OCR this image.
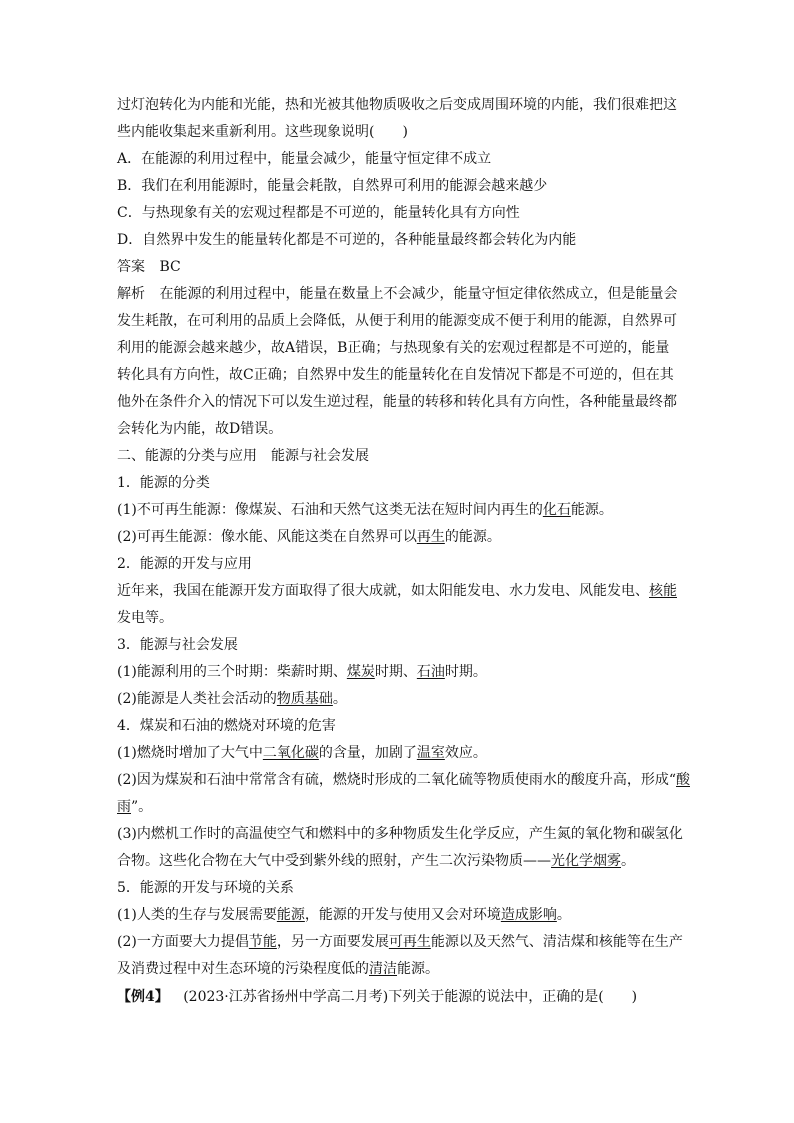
过灯泡转化为内能和光能，热和光被其他物质吸收之后变成周围环境的内能，我们很难把这
些内能收集起来重新利用。这些现象说明(　　)
A．在能源的利用过程中，能量会减少，能量守恒定律不成立
B．我们在利用能源时，能量会耗散，自然界可利用的能源会越来越少
C．与热现象有关的宏观过程都是不可逆的，能量转化具有方向性
D．自然界中发生的能量转化都是不可逆的，各种能量最终都会转化为内能
答案 BC
解析 在能源的利用过程中，能量在数量上不会减少，能量守恒定律依然成立，但是能量会
发生耗散，在可利用的品质上会降低，从便于利用的能源变成不便于利用的能源，自然界可
利用的能源会越来越少，故A错误，B正确；与热现象有关的宏观过程都是不可逆的，能量
转化具有方向性，故C正确；自然界中发生的能量转化在自发情况下都是不可逆的，但在其
他外在条件介入的情况下可以发生逆过程，能量的转移和转化具有方向性，各种能量最终都
会转化为内能，故D错误。
二、能源的分类与应用　能源与社会发展
1．能源的分类
(1)不可再生能源：像煤炭、石油和天然气这类无法在短时间内再生的化石能源。
(2)可再生能源：像水能、风能这类在自然界可以再生的能源。
2．能源的开发与应用
近年来，我国在能源开发方面取得了很大成就，如太阳能发电、水力发电、风能发电、核能
发电等。
3．能源与社会发展
(1)能源利用的三个时期：柴薪时期、煤炭时期、石油时期。
(2)能源是人类社会活动的物质基础。
4．煤炭和石油的燃烧对环境的危害
(1)燃烧时增加了大气中二氧化碳的含量，加剧了温室效应。
(2)因为煤炭和石油中常常含有硫，燃烧时形成的二氧化硫等物质使雨水的酸度升高，形成“酸
雨”。
(3)内燃机工作时的高温使空气和燃料中的多种物质发生化学反应，产生氮的氧化物和碳氢化
合物。这些化合物在大气中受到紫外线的照射，产生二次污染物质——光化学烟雾。
5．能源的开发与环境的关系
(1)人类的生存与发展需要能源，能源的开发与使用又会对环境造成影响。
(2)一方面要大力提倡节能，另一方面要发展可再生能源以及天然气、清洁煤和核能等在生产
及消费过程中对生态环境的污染程度低的清洁能源。
【例4】 (2023·江苏省扬州中学高二月考)下列关于能源的说法中，正确的是(　　)
